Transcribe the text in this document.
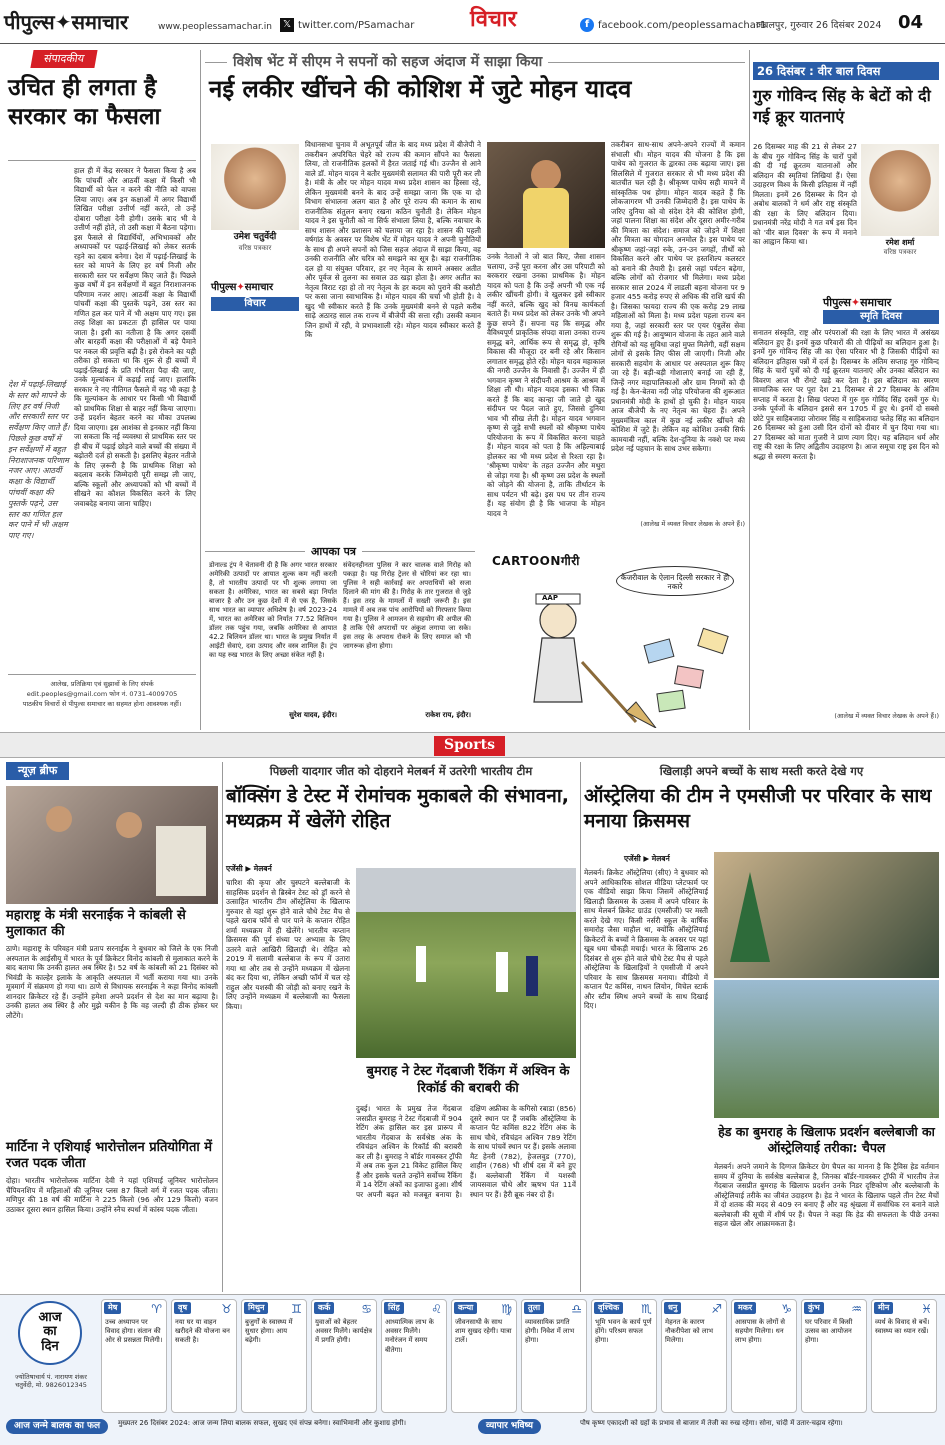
पीपुल्स✦समाचार	www.peoplessamachar.in 𝕏 twitter.com/PSamachar	विचार	f facebook.com/peoplessamachar1
जबलपुर, गुरुवार 26 दिसंबर 2024 04
संपादकीय
उचित ही लगता है सरकार का फैसला
हाल ही में केंद्र सरकार ने फैसला किया है अब कि पांचवीं और आठवीं कक्षा में किसी भी विद्यार्थी को फेल न करने की नीति को वापस लिया जाए। अब इन कक्षाओं में अगर विद्यार्थी लिखित परीक्षा उत्तीर्ण नहीं करते, तो उन्हें दोबारा परीक्षा देनी होगी। उसके बाद भी वे उत्तीर्ण नहीं होते, तो उसी कक्षा में बैठना पड़ेगा। इस फैसले से विद्यार्थियों, अभिभावकों और अध्यापकों पर पढ़ाई-लिखाई को लेकर सतर्क रहने का दबाव बनेगा। देश में पढ़ाई-लिखाई के स्तर को मापने के लिए हर वर्ष निजी और सरकारी स्तर पर सर्वेक्षण किए जाते हैं। पिछले कुछ वर्षों में इन सर्वेक्षणों में बहुत निराशाजनक परिणाम नजर आए। आठवीं कक्षा के विद्यार्थी पांचवीं कक्षा की पुस्तकें पढ़ने, उस स्तर का गणित हल कर पाने में भी अक्षम पाए गए। इस तरह शिक्षा का प्रकटतः ही हासिल पर पाया जाता है। इसी का नतीजा है कि अगर दसवीं और बारहवीं कक्षा की परीक्षाओं में बड़े पैमाने पर नकल की प्रवृत्ति बढ़ी है। इसे रोकने का यही तरीका हो सकता था कि शुरू से ही बच्चों में पढ़ाई-लिखाई के प्रति गंभीरता पैदा की जाए, उनके मूल्यांकन में कड़ाई लाई जाए। हालांकि सरकार ने नए नीतिगत फैसले में यह भी कहा है कि मूल्यांकन के आधार पर किसी भी विद्यार्थी को प्राथमिक शिक्षा से बाहर नहीं किया जाएगा। उन्हें प्रदर्शन बेहतर करने का मौका उपलब्ध दिया जाएगा। इस आशंका से इनकार नहीं किया जा सकता कि नई व्यवस्था से प्राथमिक स्तर पर ही बीच में पढ़ाई छोड़ने वाले बच्चों की संख्या में बढ़ोतरी दर्ज हो सकती है। इसलिए बेहतर नतीजे के लिए ज़रूरी है कि प्राथमिक शिक्षा को बदलाव करके जिम्मेदारी पूरी समझ ली जाए, बल्कि स्कूलों और अध्यापकों को भी बच्चों में सीखने का कौशल विकसित करने के लिए जवाबदेह बनाया जाना चाहिए।
देश में पढ़ाई-लिखाई के स्तर को मापने के लिए हर वर्ष निजी और सरकारी स्तर पर सर्वेक्षण किए जाते हैं। पिछले कुछ वर्षों में इन सर्वेक्षणों में बहुत निराशाजनक परिणाम नजर आए। आठवीं कक्षा के विद्यार्थी पांचवीं कक्षा की पुस्तकें पढ़ने, उस स्तर का गणित हल कर पाने में भी अक्षम पाए गए।
आलेख, प्रतिक्रिया एवं सुझावों के लिए संपर्क
edit.peoples@gmail.com फोन नं. 0731-4009705
पाठकीय विचारों से पीपुल्स समाचार का सहमत होना आवश्यक नहीं।
विशेष भेंट में सीएम ने सपनों को सहज अंदाज में साझा किया
नई लकीर खींचने की कोशिश में जुटे मोहन यादव
उमेश चतुर्वेदी
वरिष्ठ पत्रकार
पीपुल्स✦समाचार
विचार
विधानसभा चुनाव में अभूतपूर्व जीत के बाद मध्य प्रदेश में बीजेपी ने तकरीबन अपरिचित चेहरे को राज्य की कमान सौंपने का फैसला लिया, तो राजनीतिक हलकों में हैरत जताई गई थी। उज्जैन से आने वाले डॉ. मोहन यादव ने बतौर मुख्यमंत्री सलामत की पारी पूरी कर ली है। मंत्री के और पर मोहन यादव मध्य प्रदेश शासन का हिस्सा रहे, लेकिन मुख्यमंत्री बनने के बाद उन्हें समझा जाना कि एक या दो विभाग संभालना अलग बात है और पूरे राज्य की कमान के साथ राजनीतिक संतुलन बनाए रखना कठिन चुनौती है। लेकिन मोहन यादव ने इस चुनौती को ना सिर्फ संभाला लिया है, बल्कि नवाचार के साथ शासन और प्रशासन को चलाया जा रहा है। शासन की पहली वर्षगांठ के अवसर पर विशेष भेंट में मोहन यादव ने अपनी चुनौतियों के साथ ही अपने सपनों को जिस सहज अंदाज में साझा किया, वह उनकी राजनीति और चरित्र को समझने का सूत्र है। बड़ा राजनीतिक दल हो या संयुक्त परिवार, हर नए नेतृत्व के सामने अक्सर अतीत और पूर्वज से तुलना का सवाल उठ खड़ा होता है। अगर अतीत का नेतृत्व विराट रहा हो तो नए नेतृत्व के हर कदम को पुराने की कसौटी पर कसा जाना स्वाभाविक है। मोहन यादव की चर्चा भी होती है। वे खुद भी स्वीकार करते हैं कि उनके मुख्यमंत्री बनने से पहले करीब साढ़े अठारह साल तक राज्य में बीजेपी की सत्ता रही। उसकी कमान जिन हाथों में रही, वे प्रभावशाली रहे। मोहन यादव स्वीकार करते हैं कि
उनके नेताओं ने जो बात किए, जैसा शासन चलाया, उन्हें पूरा करना और उस परिपाटी को बरकरार रखना उनका प्राथमिक है। मोहन यादव को पता है कि उन्हें अपनी भी एक नई लकीर खींचनी होगी। वे खुलकर इसे स्वीकार नहीं करते, बल्कि खुद को विनम्र कार्यकर्ता बताते हैं। मध्य प्रदेश को लेकर उनके भी अपने कुछ सपने हैं। सपना यह कि समृद्ध और वैविध्यपूर्ण प्राकृतिक संपदा वाला उनका राज्य समृद्ध बने, आर्थिक रूप से समृद्ध हो, कृषि विकास की मौजूदा दर बनी रहे और किसान लगातार समृद्ध होते रहें। मोहन यादव महाकाल की नगरी उज्जैन के निवासी हैं। उज्जैन में ही भगवान कृष्ण ने संदीपनी आश्रम के आश्रम में शिक्षा ली थी। मोहन यादव इसका भी जिक्र करते हैं कि बाद कान्हा जी जाते हो खुद संदीपन पर पैदल जाते हुए, जिससे दुनिया भाव भी सीख लेती है। मोहन यादव भगवान कृष्ण से जुड़े सभी स्थलों को श्रीकृष्ण पाथेय परियोजना के रूप में विकसित करना चाहते हैं। मोहन यादव को पता है कि अहिल्याबाई होलकर का भी मध्य प्रदेश से रिश्ता रहा है। 'श्रीकृष्ण पाथेय' के तहत उज्जैन और मथुरा से जोड़ा गया है। श्री कृष्ण उस प्रदेश के स्थलों को जोड़ने की योजना है, ताकि तीर्थाटन के साथ पर्यटन भी बढ़े। इस पथ पर तीन राज्य हैं। यह संयोग ही है कि भाजपा के मोहन यादव ने
तकरीबन साथ-साथ अपने-अपने राज्यों में कमान संभाली थी। मोहन यादव की योजना है कि इस पाथेय को गुजरात के द्वारका तक बढ़ाया जाए। इस सिलसिले में गुजरात सरकार से भी मध्य प्रदेश की बातचीत चल रही है। श्रीकृष्ण पाथेय सही मायने में सांस्कृतिक पथ होगा। मोहन यादव कहते हैं कि लोकजागरण भी उनकी जिम्मेदारी है। इस पाथेय के जरिए दुनिया को वो संदेश देने की कोशिश होगी, जहां पालना शिक्षा का संदेश और दूसरा अमीर-गरीब की मित्रता का संदेश। समाज को जोड़ने में शिक्षा और मित्रता का योगदान अनमोल है। इस पाथेय पर श्रीकृष्ण जहां-जहां रुके, उन-उन जगहों, तीर्थों को विकसित करने और पाथेय पर हस्तशिल्प कलस्टर को बनाने की तैयारी है। इससे जहां पर्यटन बढ़ेगा, बल्कि लोगों को रोजगार भी मिलेगा। मध्य प्रदेश सरकार साल 2024 में लाडली बहना योजना पर 9 हजार 455 करोड़ रुपए से अधिक की राशि खर्च की है। जिसका फायदा राज्य की एक करोड़ 29 लाख महिलाओं को मिला है। मध्य प्रदेश पहला राज्य बन गया है, जहां सरकारी स्तर पर एयर एंबुलेंस सेवा शुरू की गई है। आयुष्मान योजना के तहत आने वाले रोगियों को यह सुविधा जहां मुफ्त मिलेगी, वहीं सक्षम लोगों से इसके लिए फीस ली जाएगी। निजी और सरकारी सहयोग के आधार पर अस्पताल शुरू किए जा रहे हैं। बड़ी-बड़ी गोशालाएं बनाई जा रही हैं, जिन्हें नगर महापालिकाओं और ग्राम निगमों को दी गई है। केन-बेतवा नदी जोड़ परियोजना की शुरूआत प्रधानमंत्री मोदी के हाथों हो चुकी है। मोहन यादव आज बीजेपी के नए नेतृत्व का चेहरा हैं। अपने मुख्यमंत्रित्व काल में कुछ नई लकीर खींचने की कोशिश में जुटे हैं। लेकिन वह कोशिश उनकी सिर्फ कामयाबी नहीं, बल्कि देश-दुनिया के नक्शे पर मध्य प्रदेश नई पहचान के साथ उभर सकेगा।
(आलेख में व्यक्त विचार लेखक के अपने हैं।)
26 दिसंबर : वीर बाल दिवस
गुरु गोविन्द सिंह के बेटों को दी गई क्रूर यातनाएं
26 दिसम्बर माह की 21 से लेकर 27 के बीच गुरु गोविन्द सिंह के चारों पुत्रों की दी गई क्रूरतम यातनाओं और बलिदान की स्मृतियां लिखियां हैं। ऐसा उदाहरण विश्व के किसी इतिहास में नहीं मिलता। इनमें 26 दिसम्बर के दिन दो अबोध बालकों ने धर्म और राष्ट्र संस्कृति की रक्षा के लिए बलिदान दिया। प्रधानमंत्री नरेंद्र मोदी ने गत वर्ष इस दिन को 'वीर बाल दिवस' के रूप में मनाने का आह्वान किया था।	रमेश शर्मा
वरिष्ठ पत्रकार
पीपुल्स✦समाचार
स्मृति दिवस
सनातन संस्कृति, राष्ट्र और परंपराओं की रक्षा के लिए भारत में असंख्य बलिदान हुए हैं। इनमें कुछ परिवारों की तो पीढ़ियों का बलिदान हुआ है। इनमें गुरु गोविन्द सिंह जी का ऐसा परिवार भी है जिसकी पीढ़ियों का बलिदान इतिहास पन्नों में दर्ज है। दिसम्बर के अंतिम सप्ताह गुरु गोविन्द सिंह के चारों पुत्रों को दी गई क्रूरतम यातनाएं और उनका बलिदान का विवरण आज भी रोंगटे खड़े कर देता है। इस बलिदान का स्मरण सामाजिक स्तर पर पूरा देश 21 दिसम्बर से 27 दिसम्बर के अंतिम सप्ताह में करता है। सिख पंरपरा में गुरु गुरु गोविंद सिंह दसवें गुरु थे। उनके पूर्वजों के बलिदान इससे सन 1705 में हुए थे। इनमें दो सबसे छोटे पुत्र साहिबजादा जोरावर सिंह व साहिबजादा फतेह सिंह का बलिदान 26 दिसम्बर को हुआ उसी दिन दोनों को दीवार में चुन दिया गया था। 27 दिसम्बर को माता गुजरी ने प्राण त्याग दिए। यह बलिदान धर्म और राष्ट्र की रक्षा के लिए अद्वितीय उदाहरण है। आज समूचा राष्ट्र इस दिन को श्रद्धा से स्मरण करता है।
(आलेख में व्यक्त विचार लेखक के अपने हैं।)
आपका पत्र
डोनाल्ड ट्रंप ने चेतावनी दी है कि अगर भारत सरकार अमेरिकी उत्पादों पर आयात शुल्क कम नहीं करती है, तो भारतीय उत्पादों पर भी शुल्क लगाया जा सकता है। अमेरिका, भारत का सबसे बड़ा निर्यात बाजार है और उन कुछ देशों में से एक है, जिसके साथ भारत का व्यापार अधिशेष है। वर्ष 2023-24 में, भारत का अमेरिका को निर्यात 77.52 बिलियन डॉलर तक पहुंच गया, जबकि अमेरिका से आयात 42.2 बिलियन डॉलर था। भारत के प्रमुख निर्यात में आईटी सेवाएं, दवा उत्पाद और वस्त्र शामिल हैं। ट्रंप का यह रुख भारत के लिए अच्छा संकेत नहीं है।
सुरेश यादव, इंदौर।
संवेदनहीनता पुलिस ने कार चालक वाले गिरोह को पकड़ा है। यह गिरोह ट्रेलर से चोरियां कर रहा था। पुलिस ने सही कार्रवाई कर अपराधियों को सजा दिलाने की मांग की है। गिरोह के तार गुजरात से जुड़े हैं। इस तरह के मामलों में सख्ती जरूरी है। इस मामले में अब तक पांच आरोपियों को गिरफ्तार किया गया है। पुलिस ने आमजन से सहयोग की अपील की है ताकि ऐसे अपराधों पर अंकुश लगाया जा सके। इस तरह के अपराध रोकने के लिए समाज को भी जागरूक होना होगा।
राकेश राय, इंदौर।
CARTOONगीरी
केजरीवाल के ऐलान दिल्ली सरकार ने ही नकारे
AAP
Sports
न्यूज़ ब्रीफ
महाराष्ट्र के मंत्री सरनाईक ने कांबली से मुलाकात की
ठाणे। महाराष्ट्र के परिवहन मंत्री प्रताप सरनाईक ने बुधवार को जिले के एक निजी अस्पताल के आईसीयू में भारत के पूर्व क्रिकेटर विनोद कांबली से मुलाकात करने के बाद बताया कि उनकी हालत अब स्थिर है। 52 वर्ष के कांबली को 21 दिसंबर को भिवंडी के काल्हेर इलाके के आकृति अस्पताल में भर्ती कराया गया था। उनके मूत्रमार्ग में संक्रमण हो गया था। ठाणे से विधायक सरनाईक ने कहा विनोद कांबली शानदार क्रिकेटर रहे हैं। उन्होंने हमेशा अपने प्रदर्शन से देश का मान बढ़ाया है। उनकी हालत अब स्थिर है और मुझे यकीन है कि वह जल्दी ही ठीक होकर घर लौटेंगे।
मार्टिना ने एशियाई भारोत्तोलन प्रतियोगिता में रजत पदक जीता
दोहा। भारतीय भारोत्तोलक मार्टिना देवी ने यहां एशियाई जूनियर भारोत्तोलन चैंपियनशिप में महिलाओं की जूनियर प्लस 87 किलो वर्ग में रजत पदक जीता। मणिपुर की 18 वर्ष की मार्टिना ने 225 किलो (96 और 129 किलो) वजन उठाकर दूसरा स्थान हासिल किया। उन्होंने स्नैच स्पर्धा में कांस्य पदक जीता।
पिछली यादगार जीत को दोहराने मेलबर्न में उतरेगी भारतीय टीम
बॉक्सिंग डे टेस्ट में रोमांचक मुकाबले की संभावना, मध्यक्रम में खेलेंगे रोहित
एजेंसी ▶ मेलबर्न
चारिश की कृपा और चुस्पटने बल्लेबाजी के साहसिक प्रदर्शन से ब्रिस्बेन टेस्ट को ड्रॉ करने से उत्साहित भारतीय टीम ऑस्ट्रेलिया के खिलाफ गुरुवार से यहां शुरू होने वाले चौथे टेस्ट मैच से पहले खराब फॉर्म से पार पाने के कप्तान रोहित शर्मा मध्यक्रम में ही खेलेंगे। भारतीय कप्तान क्रिसमस की पूर्व संध्या पर अभ्यास के लिए उतरने वाले आखिरी खिलाड़ी थे। रोहित को 2019 में सलामी बल्लेबाज के रूप में उतारा गया था और तब से उन्होंने मध्यक्रम में खेलना बंद कर दिया था, लेकिन अच्छी फॉर्म में चल रहे राहुल और यशस्वी की जोड़ी को बनाए रखने के लिए उन्होंने मध्यक्रम में बल्लेबाजी का फैसला किया।
बुमराह ने टेस्ट गेंदबाजी रैंकिंग में अश्विन के रिकॉर्ड की बराबरी की
दुबई। भारत के प्रमुख तेज गेंदबाज जसप्रीत बुमराह ने टेस्ट गेंदबाजी में 904 रेटिंग अंक हासिल कर इस प्रारूप में भारतीय गेंदबाज के सर्वश्रेष्ठ अंक के रविचंद्रन अश्विन के रिकॉर्ड की बराबरी कर ली है। बुमराह ने बॉर्डर गावस्कर ट्रॉफी में अब तक कुल 21 विकेट हासिल किए हैं और इसके चलते उन्होंने सर्वोच्च रैंकिंग में 14 रेटिंग अंकों का इजाफा हुआ। शीर्ष पर अपनी बढ़त को मजबूत बनाया है। दक्षिण अफ्रीका के कगिसो रबाडा (856) दूसरे स्थान पर हैं जबकि ऑस्ट्रेलिया के कप्तान पैट कमिंस 822 रेटिंग अंक के साथ चौथे, रविचंद्रन अश्विन 789 रेटिंग के साथ पांचवें स्थान पर हैं। इसके अलावा मैट हेनरी (782), हेजलवुड (770), शाहीन (768) भी शीर्ष दस में बने हुए हैं। बल्लेबाजी रैंकिंग में यशस्वी जायसवाल चौथे और ऋषभ पंत 11वें स्थान पर हैं। हैरी ब्रूक नंबर दो हैं।
खिलाड़ी अपने बच्चों के साथ मस्ती करते देखे गए
ऑस्ट्रेलिया की टीम ने एमसीजी पर परिवार के साथ मनाया क्रिसमस
एजेंसी ▶ मेलबर्न
मेलबर्न। क्रिकेट ऑस्ट्रेलिया (सीए) ने बुधवार को अपने आधिकारिक सोशल मीडिया प्लेटफार्म पर एक वीडियो साझा किया जिसमें ऑस्ट्रेलियाई खिलाड़ी क्रिसमस के उत्सव में अपने परिवार के साथ मेलबर्न क्रिकेट ग्राउंड (एमसीजी) पर मस्ती करते देखे गए। किसी नर्सरी स्कूल के वार्षिक समारोह जैसा माहौल था, क्योंकि ऑस्ट्रेलियाई क्रिकेटरों के बच्चों ने क्रिसमस के अवसर पर यहां खूब धमा चौकड़ी मचाई। भारत के खिलाफ 26 दिसंबर से शुरू होने वाले चौथे टेस्ट मैच से पहले ऑस्ट्रेलिया के खिलाड़ियों ने एमसीजी में अपने परिवार के साथ क्रिसमस मनाया। वीडियो में कप्तान पैट कमिंस, नाथन लियोन, मिचेल स्टार्क और स्टीव स्मिथ अपने बच्चों के साथ दिखाई दिए।
हेड का बुमराह के खिलाफ प्रदर्शन बल्लेबाजी का ऑस्ट्रेलियाई तरीका: चैपल
मेलबर्न। अपने जमाने के दिग्गज क्रिकेटर ग्रेग चैपल का मानना है कि ट्रैविस हेड वर्तमान समय में दुनिया के सर्वश्रेष्ठ बल्लेबाज है, जिनका बॉर्डर-गावस्कर ट्रॉफी में भारतीय तेज गेंदबाज जसप्रीत बुमराह के खिलाफ प्रदर्शन उनके निडर दृष्टिकोण और बल्लेबाजी के ऑस्ट्रेलियाई तरीके का जीवंत उदाहरण है। हेड ने भारत के खिलाफ पहले तीन टेस्ट मैचों में दो शतक की मदद से 409 रन बनाए हैं और वह श्रृंखला में सर्वाधिक रन बनाने वाले बल्लेबाजी की सूची में शीर्ष पर हैं। चैपल ने कहा कि हेड की सफलता के पीछे उनका सहज खेल और आक्रामकता है।
आज
का
दिन
ज्योतिषाचार्य पं. नारायण शंकर चतुर्वेदी, मो. 9826012345
मेष	♈
उच्च अध्यापन पर विवाद होगा। संतान की ओर से प्रसन्नता मिलेगी।
वृष	♉
नया घर या वाहन खरीदने की योजना बन सकती है।
मिथुन ♊
बुजुर्गों के स्वास्थ्य में सुधार होगा। आय बढ़ेगी।
कर्क	♋
युवाओं को बेहतर अवसर मिलेंगे। कार्यक्षेत्र में प्रगति होगी।
सिंह	♌
आध्यात्मिक लाभ के अवसर मिलेंगे। मनोरंजन में समय बीतेगा।
कन्या ♍
जीवनसाथी के साथ शाम सुखद रहेगी। यात्रा टालें।
तुला	♎
व्यावसायिक प्रगति होगी। निवेश में लाभ होगा।
वृश्चिक ♏
भूमि भवन के कार्य पूर्ण होंगे। परिश्रम सफल होगा।
धनु	♐
मेहनत के कारण नौकरीपेशा को लाभ मिलेगा।
मकर ♑
आसपास के लोगों से सहयोग मिलेगा। धन लाभ होगा।
कुंभ	♒
घर परिवार में किसी उत्सव का आयोजन होगा।
मीन	♓
व्यर्थ के विवाद से बचें। स्वास्थ्य का ध्यान रखें।
आज जन्मे बालक का फल	मुख्यतर 26 दिसंबर 2024: आज जन्म लिया बालक सफल, सुखद एवं संपन्न बनेगा। स्वाभिमानी और कुशाग्र होगी।	व्यापार भविष्य	पौष कृष्ण एकादशी को ग्रहों के प्रभाव से बाजार में तेजी का रुख रहेगा। सोना, चांदी में उतार-चढ़ाव रहेगा।
